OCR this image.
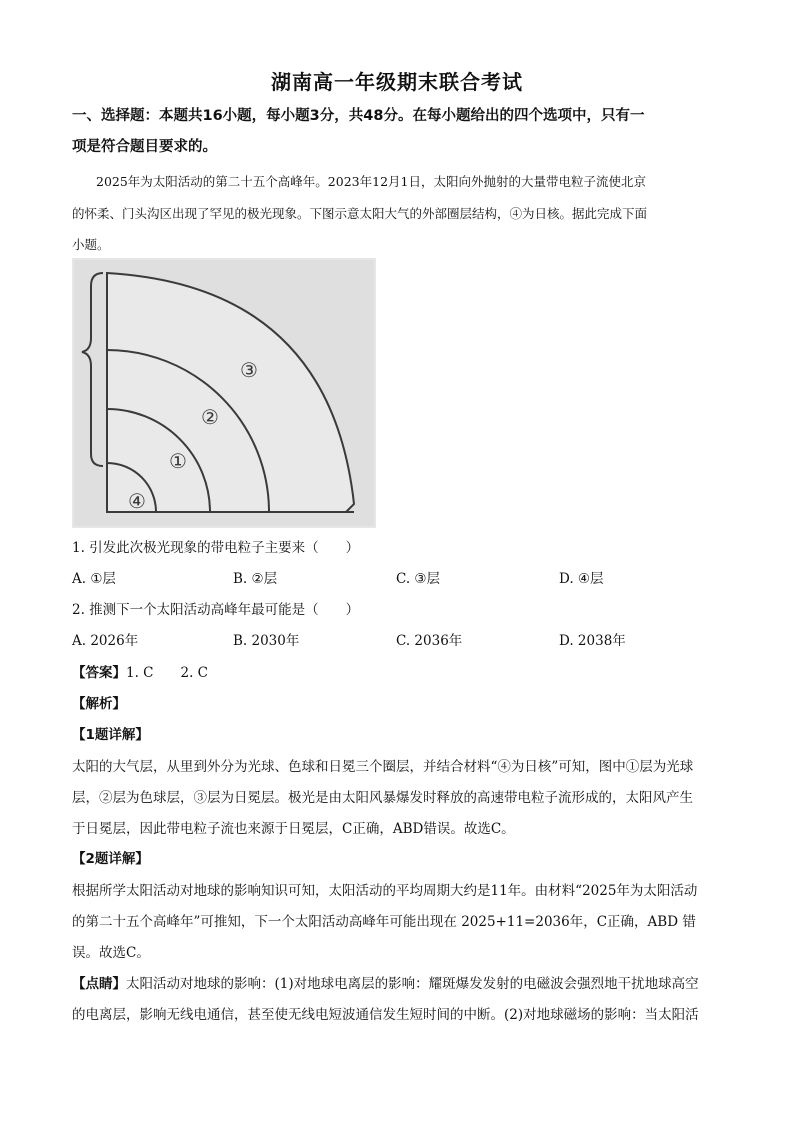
湖南高一年级期末联合考试
一、选择题：本题共16小题，每小题3分，共48分。在每小题给出的四个选项中，只有一
项是符合题目要求的。
2025年为太阳活动的第二十五个高峰年。2023年12月1日，太阳向外抛射的大量带电粒子流使北京
的怀柔、门头沟区出现了罕见的极光现象。下图示意太阳大气的外部圈层结构，④为日核。据此完成下面
小题。
①
②
③
④
1. 引发此次极光现象的带电粒子主要来（　　）
A. ①层	B. ②层	C. ③层	D. ④层
2. 推测下一个太阳活动高峰年最可能是（　　）
A. 2026年	B. 2030年	C. 2036年	D. 2038年
【答案】1. C　　2. C
【解析】
【1题详解】
太阳的大气层，从里到外分为光球、色球和日冕三个圈层，并结合材料“④为日核”可知，图中①层为光球
层，②层为色球层，③层为日冕层。极光是由太阳风暴爆发时释放的高速带电粒子流形成的，太阳风产生
于日冕层，因此带电粒子流也来源于日冕层，C正确，ABD错误。故选C。
【2题详解】
根据所学太阳活动对地球的影响知识可知，太阳活动的平均周期大约是11年。由材料“2025年为太阳活动
的第二十五个高峰年”可推知，下一个太阳活动高峰年可能出现在 2025+11=2036年，C正确，ABD 错
误。故选C。
【点睛】太阳活动对地球的影响：(1)对地球电离层的影响：耀斑爆发发射的电磁波会强烈地干扰地球高空
的电离层，影响无线电通信，甚至使无线电短波通信发生短时间的中断。(2)对地球磁场的影响：当太阳活
